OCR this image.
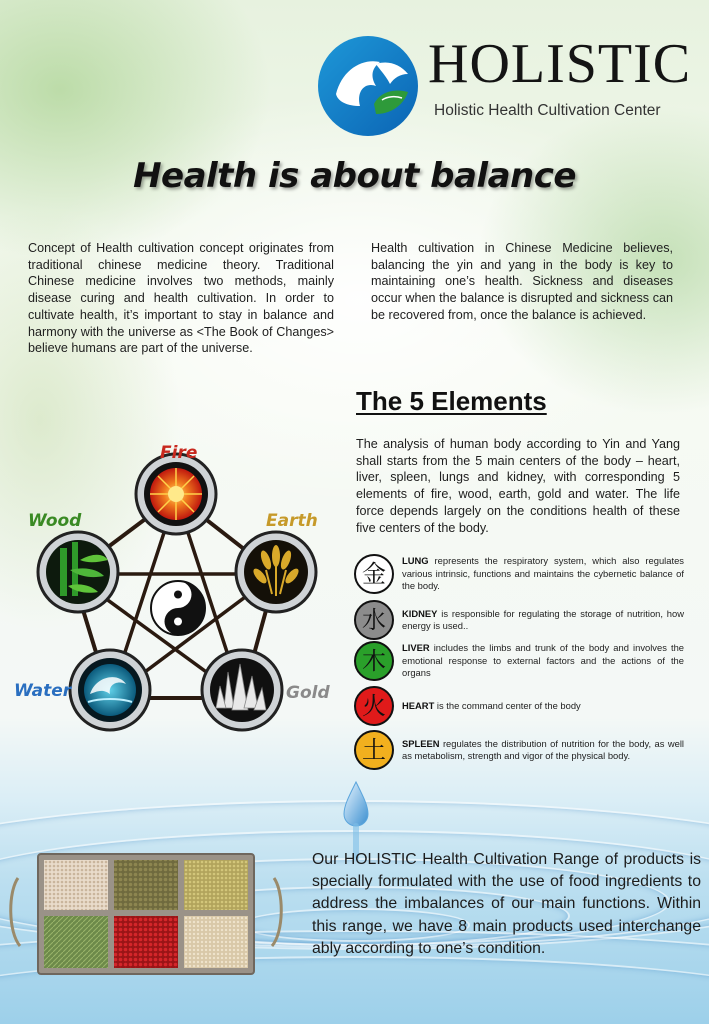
HOLISTIC
Holistic Health Cultivation Center
Health is about balance
Concept of Health cultivation concept originates from traditional chinese medicine theory. Traditional Chinese medicine involves two methods, mainly disease curing and health cultivation. In order to cultivate health, it’s important to stay in balance and harmony with the universe as <The Book of Changes> believe humans are part of the universe.
Health cultivation in Chinese Medicine believes, balancing the yin and yang in the body is key to maintaining one’s health. Sickness and diseases occur when the balance is disrupted and sickness can be recovered from, once the balance is achieved.
The 5 Elements
The analysis of human body according to Yin and Yang shall starts from the 5 main centers of the body – heart, liver, spleen, lungs and kidney, with corresponding 5 elements of fire, wood, earth, gold and water. The life force depends largely on the conditions health of these five centers of the body.
Fire
Wood	Earth
Water	Gold
金	LUNG represents the respiratory system, which also regulates various intrinsic, functions and maintains the cybernetic balance of the body.
水	KIDNEY is responsible for regulating the storage of nutrition, how energy is used..
木	LIVER includes the limbs and trunk of the body and involves the emotional response to external factors and the actions of the organs
火	HEART is the command center of the body
土	SPLEEN regulates the distribution of nutrition for the body, as well as metabolism, strength and vigor of the physical body.
Our HOLISTIC Health Cultivation Range of products is specially formulated with the use of food ingredients to address the imbalances of our main functions. Within this range, we have 8 main products used interchange ably according to one’s condition.
